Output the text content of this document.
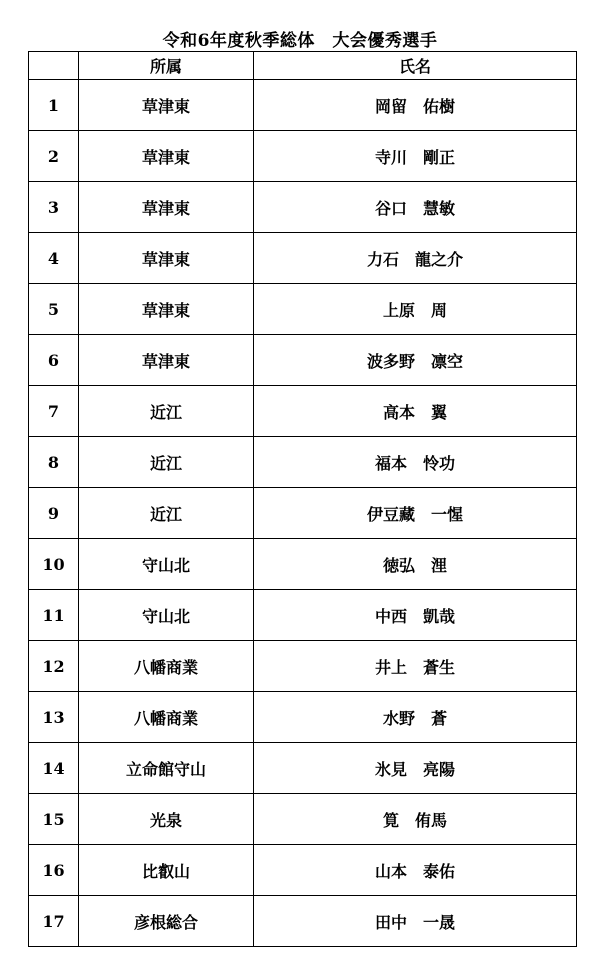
令和6年度秋季総体　大会優秀選手
	所属	氏名
1	草津東	岡留　佑樹
2	草津東	寺川　剛正
3	草津東	谷口　慧敏
4	草津東	力石　龍之介
5	草津東	上原　周
6	草津東	波多野　凛空
7	近江	高本　翼
8	近江	福本　怜功
9	近江	伊豆藏　一惺
10	守山北	徳弘　浬
11	守山北	中西　凱哉
12	八幡商業	井上　蒼生
13	八幡商業	水野　蒼
14	立命館守山	氷見　亮陽
15	光泉	筧　侑馬
16	比叡山	山本　泰佑
17	彦根総合	田中　一晟
